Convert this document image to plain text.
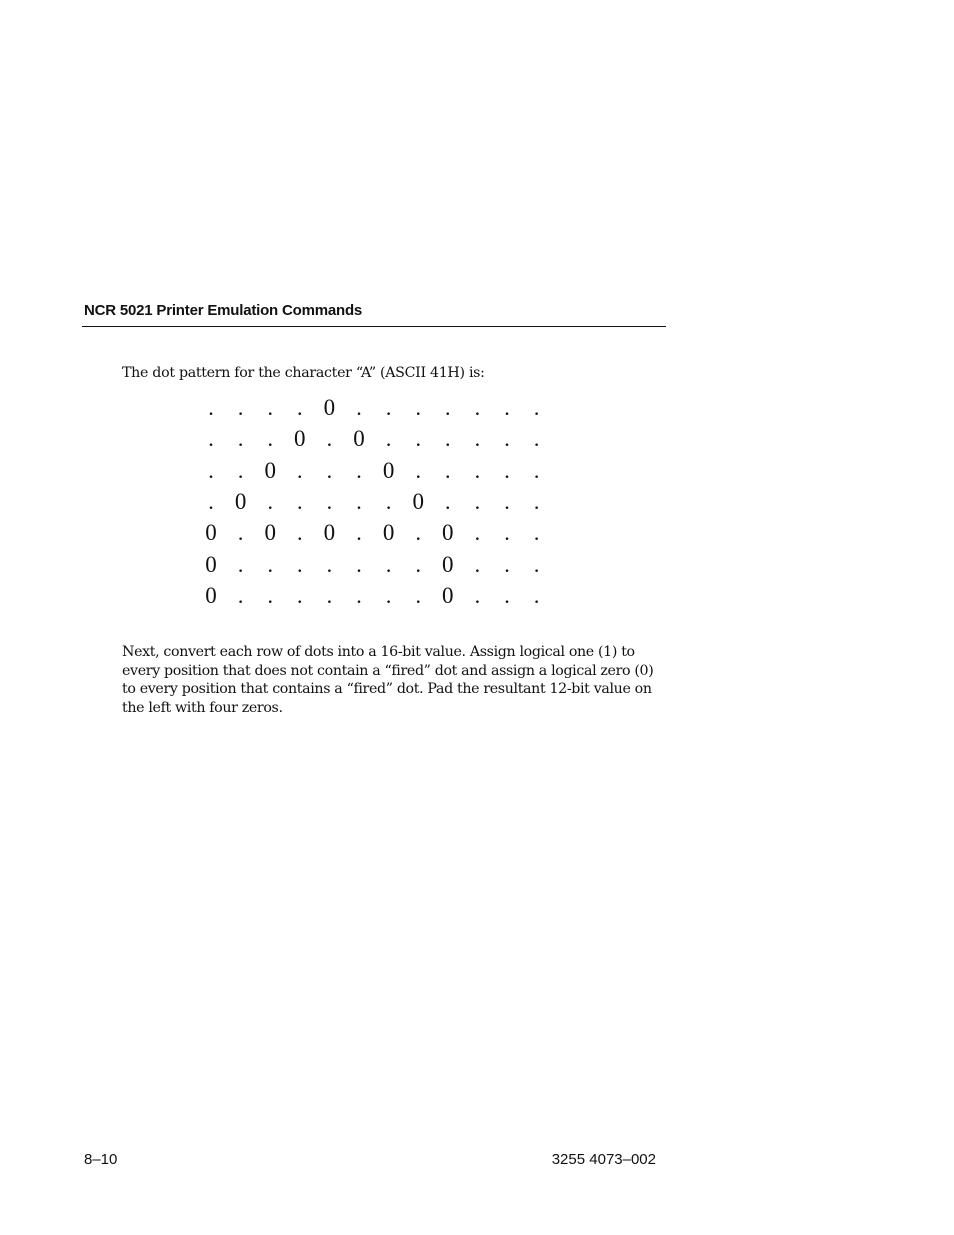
NCR 5021 Printer Emulation Commands

The dot pattern for the character “A” (ASCII 41H) is:

.	.	.	. 0 .	.	.	.	.	.	.
.	.	. 0 . 0 .	.	.	.	.	.
.	. 0 .	.	. 0 .	.	.	.	.
. 0 .	.	.	.	. 0 .	.	.	.
0 . 0 . 0 . 0 . 0 .	.	.
0 .	.	.	.	.	.	. 0 .	.	.
0 .	.	.	.	.	.	. 0 .	.	.

Next, convert each row of dots into a 16-bit value. Assign logical one (1) to every position that does not contain a “fired” dot and assign a logical zero (0) to every position that contains a “fired” dot. Pad the resultant 12-bit value on the left with four zeros.

8–10	3255 4073–002
